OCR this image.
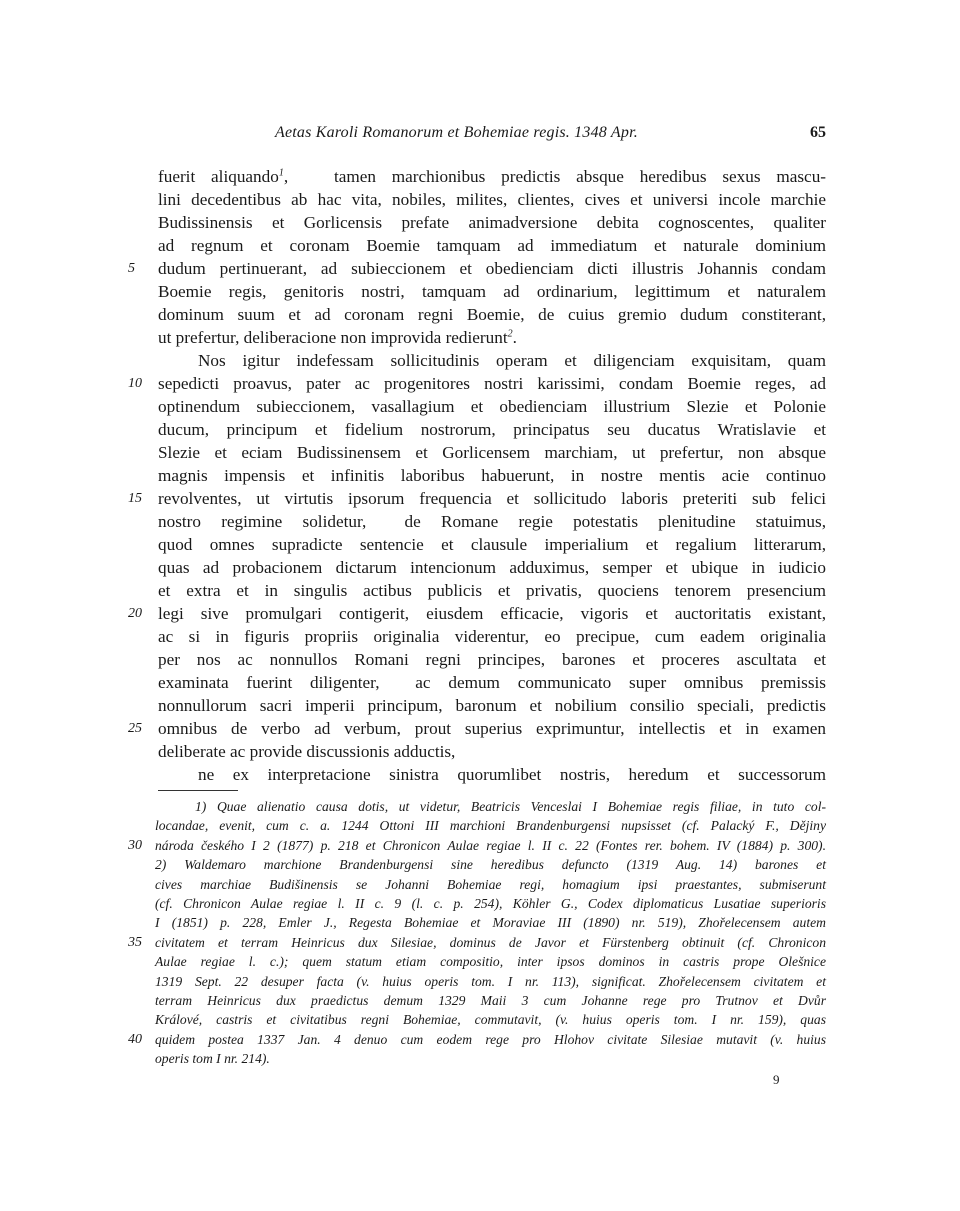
Aetas Karoli Romanorum et Bohemiae regis. 1348 Apr.	65
fuerit aliquando$^1$,	tamen marchionibus predictis absque heredibus sexus mascu-
lini decedentibus ab hac vita, nobiles, milites, clientes, cives et universi incole marchie
Budissinensis et Gorlicensis prefate animadversione debita cognoscentes, qualiter
ad regnum et coronam Boemie tamquam ad immediatum et naturale dominium
5	dudum pertinuerant, ad subieccionem et obedienciam dicti illustris Johannis condam
Boemie regis, genitoris nostri, tamquam ad ordinarium, legittimum et naturalem
dominum suum et ad coronam regni Boemie, de cuius gremio dudum constiterant,
ut prefertur, deliberacione non improvida redierunt$^2$.
Nos igitur indefessam sollicitudinis operam et diligenciam exquisitam, quam
10 sepedicti proavus, pater ac progenitores nostri karissimi, condam Boemie reges, ad
optinendum subieccionem, vasallagium et obedienciam illustrium Slezie et Polonie
ducum, principum et fidelium nostrorum, principatus seu ducatus Wratislavie et
Slezie et eciam Budissinensem et Gorlicensem marchiam, ut prefertur, non absque
magnis impensis et infinitis laboribus habuerunt, in nostre mentis acie continuo
15 revolventes, ut virtutis ipsorum frequencia et sollicitudo laboris preteriti sub felici
nostro regimine solidetur, de Romane regie potestatis plenitudine statuimus,
quod omnes supradicte sentencie et clausule imperialium et regalium litterarum,
quas ad probacionem dictarum intencionum adduximus, semper et ubique in iudicio
et extra et in singulis actibus publicis et privatis, quociens tenorem presencium
20 legi sive promulgari contigerit, eiusdem efficacie, vigoris et auctoritatis existant,
ac si in figuris propriis originalia viderentur, eo precipue, cum eadem originalia
per nos ac nonnullos Romani regni principes, barones et proceres ascultata et
examinata fuerint diligenter, ac demum communicato super omnibus premissis
nonnullorum sacri imperii principum, baronum et nobilium consilio speciali, predictis
25 omnibus de verbo ad verbum, prout superius exprimuntur, intellectis et in examen
deliberate ac provide discussionis adductis,
ne ex interpretacione sinistra quorumlibet nostris, heredum et successorum
1) Quae alienatio causa dotis, ut videtur, Beatricis Venceslai I Bohemiae regis filiae, in tuto col-
locandae, evenit, cum c. a. 1244 Ottoni III marchioni Brandenburgensi nupsisset (cf. Palacký F., Dějiny
30 národa českého I 2 (1877) p. 218 et Chronicon Aulae regiae l. II c. 22 (Fontes rer. bohem. IV (1884) p. 300).
2) Waldemaro marchione Brandenburgensi sine heredibus defuncto (1319 Aug. 14) barones et
cives marchiae Budišinensis se Johanni Bohemiae regi, homagium ipsi praestantes, submiserunt
(cf. Chronicon Aulae regiae l. II c. 9 (l. c. p. 254), Köhler G., Codex diplomaticus Lusatiae superioris
I (1851) p. 228, Emler J., Regesta Bohemiae et Moraviae III (1890) nr. 519), Zhořelecensem autem
35 civitatem et terram Heinricus dux Silesiae, dominus de Javor et Fürstenberg obtinuit (cf. Chronicon
Aulae regiae l. c.); quem statum etiam compositio, inter ipsos dominos in castris prope Olešnice
1319 Sept. 22 desuper facta (v. huius operis tom. I nr. 113), significat. Zhořelecensem civitatem et
terram Heinricus dux praedictus demum 1329 Maii 3 cum Johanne rege pro Trutnov et Dvůr
Králové, castris et civitatibus regni Bohemiae, commutavit, (v. huius operis tom. I nr. 159), quas
40 quidem postea 1337 Jan. 4 denuo cum eodem rege pro Hlohov civitate Silesiae mutavit (v. huius
operis tom I nr. 214).
9
